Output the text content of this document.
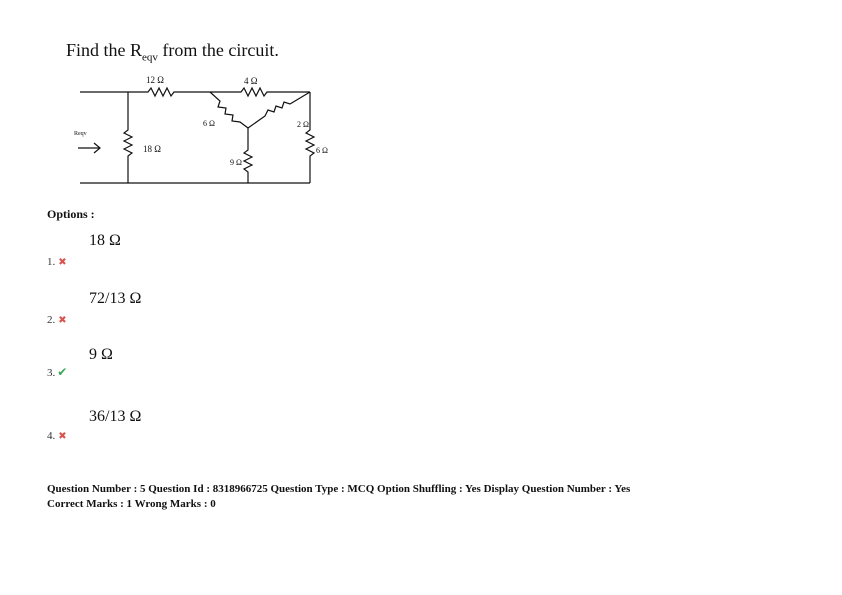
Find the $R_{eqv}$ from the circuit.
12 Ω
18 Ω
4 Ω
6 Ω	2 Ω
9 Ω
6 Ω
Reqv
Options :
18 Ω
1. ✖
72/13 Ω
2. ✖
9 Ω
3. ✔
36/13 Ω
4. ✖
Question Number : 5 Question Id : 8318966725 Question Type : MCQ Option Shuffling : Yes Display Question Number : Yes
Correct Marks : 1 Wrong Marks : 0
